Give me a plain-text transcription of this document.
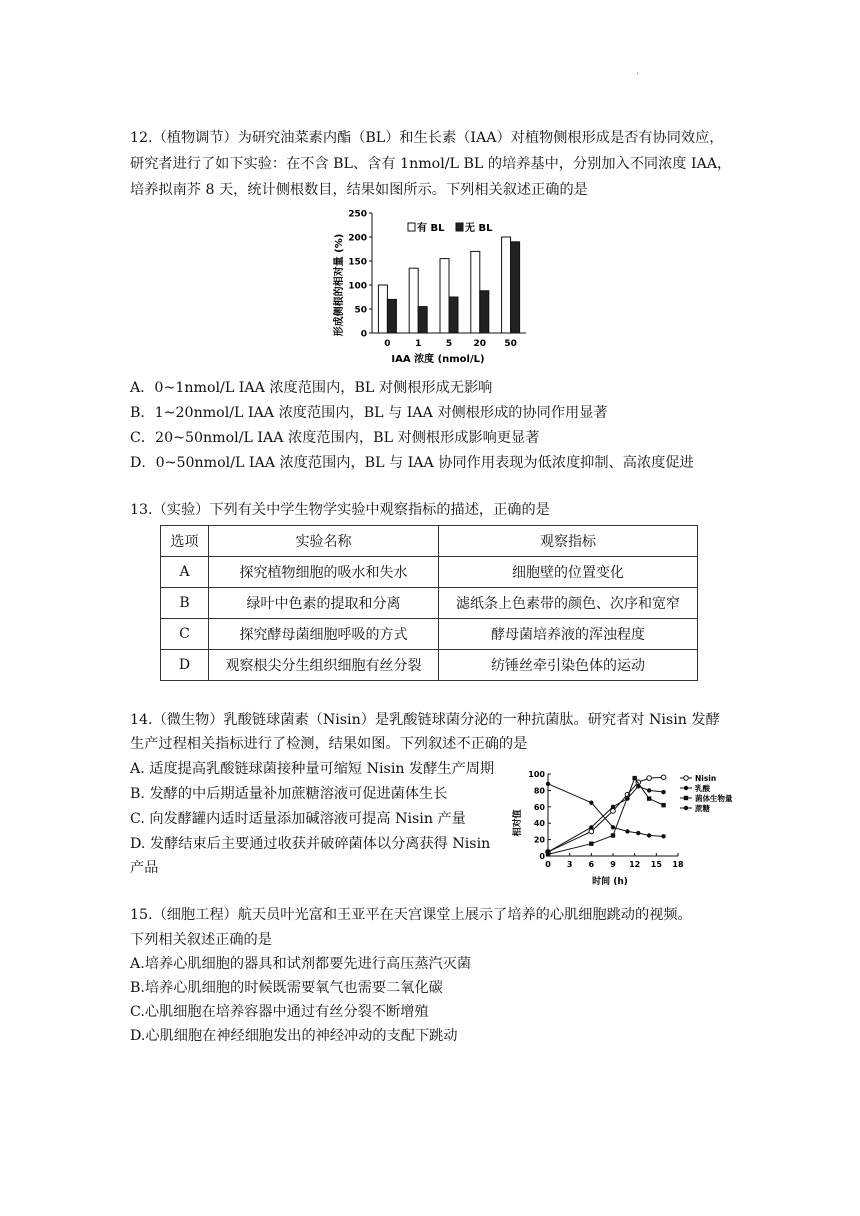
.
12.（植物调节）为研究油菜素内酯（BL）和生长素（IAA）对植物侧根形成是否有协同效应，
研究者进行了如下实验：在不含 BL、含有 1nmol/L BL 的培养基中，分别加入不同浓度 IAA，
培养拟南芥 8 天，统计侧根数目，结果如图所示。下列相关叙述正确的是
形成侧根的相对量 (%) 0
50
100
150
200
250
0	1	5 20 50
有 BL 无 BL
IAA 浓度 (nmol/L)
A．0~1nmol/L IAA 浓度范围内，BL 对侧根形成无影响
B．1~20nmol/L IAA 浓度范围内，BL 与 IAA 对侧根形成的协同作用显著
C．20~50nmol/L IAA 浓度范围内，BL 对侧根形成影响更显著
D．0~50nmol/L IAA 浓度范围内，BL 与 IAA 协同作用表现为低浓度抑制、高浓度促进
13.（实验）下列有关中学生物学实验中观察指标的描述，正确的是
选项	实验名称	观察指标
A	探究植物细胞的吸水和失水	细胞壁的位置变化
B	绿叶中色素的提取和分离	滤纸条上色素带的颜色、次序和宽窄
C	探究酵母菌细胞呼吸的方式	酵母菌培养液的浑浊程度
D	观察根尖分生组织细胞有丝分裂	纺锤丝牵引染色体的运动
14.（微生物）乳酸链球菌素（Nisin）是乳酸链球菌分泌的一种抗菌肽。研究者对 Nisin 发酵
生产过程相关指标进行了检测，结果如图。下列叙述不正确的是
A. 适度提高乳酸链球菌接种量可缩短 Nisin 发酵生产周期
B. 发酵的中后期适量补加蔗糖溶液可促进菌体生长
C. 向发酵罐内适时适量添加碱溶液可提高 Nisin 产量
D. 发酵结束后主要通过收获并破碎菌体以分离获得 Nisin
产品
相对值
0
20
40
60
80
100
0 3 6 9 12 15 18
Nisin
乳酸
菌体生物量
蔗糖
时间 (h)
15.（细胞工程）航天员叶光富和王亚平在天宫课堂上展示了培养的心肌细胞跳动的视频。
下列相关叙述正确的是
A.培养心肌细胞的器具和试剂都要先进行高压蒸汽灭菌
B.培养心肌细胞的时候既需要氧气也需要二氧化碳
C.心肌细胞在培养容器中通过有丝分裂不断增殖
D.心肌细胞在神经细胞发出的神经冲动的支配下跳动
